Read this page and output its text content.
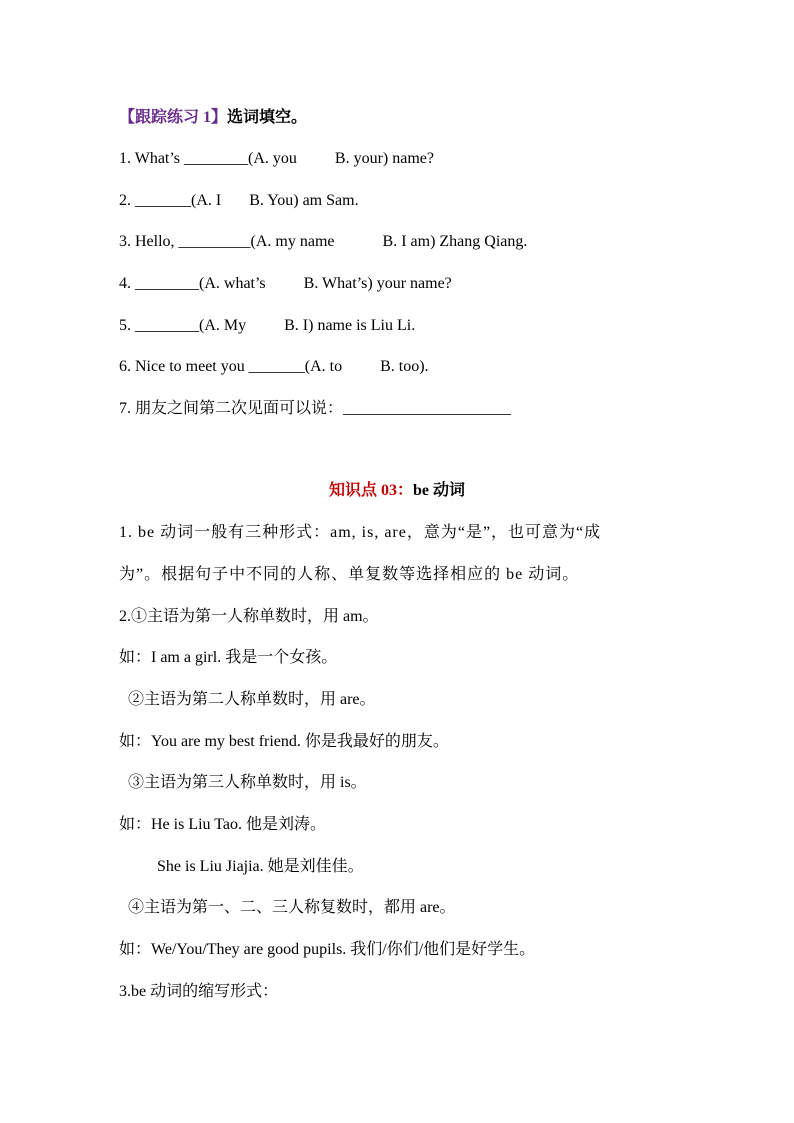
【跟踪练习 1】选词填空。
1. What’s ________(A. you B. your) name?
2. _______(A. I B. You) am Sam.
3. Hello, _________(A. my name	B. I am) Zhang Qiang.
4. ________(A. what’s B. What’s) your name?
5. ________(A. My B. I) name is Liu Li.
6. Nice to meet you _______(A. to B. too).
7. 朋友之间第二次见面可以说：_____________________
知识点 03：be 动词
1. be 动词一般有三种形式：am, is, are，意为“是”，也可意为“成
为”。根据句子中不同的人称、单复数等选择相应的 be 动词。
2.①主语为第一人称单数时，用 am。
如：I am a girl. 我是一个女孩。
②主语为第二人称单数时，用 are。
如：You are my best friend. 你是我最好的朋友。
③主语为第三人称单数时，用 is。
如：He is Liu Tao. 他是刘涛。
She is Liu Jiajia. 她是刘佳佳。
④主语为第一、二、三人称复数时，都用 are。
如：We/You/They are good pupils. 我们/你们/他们是好学生。
3.be 动词的缩写形式：
